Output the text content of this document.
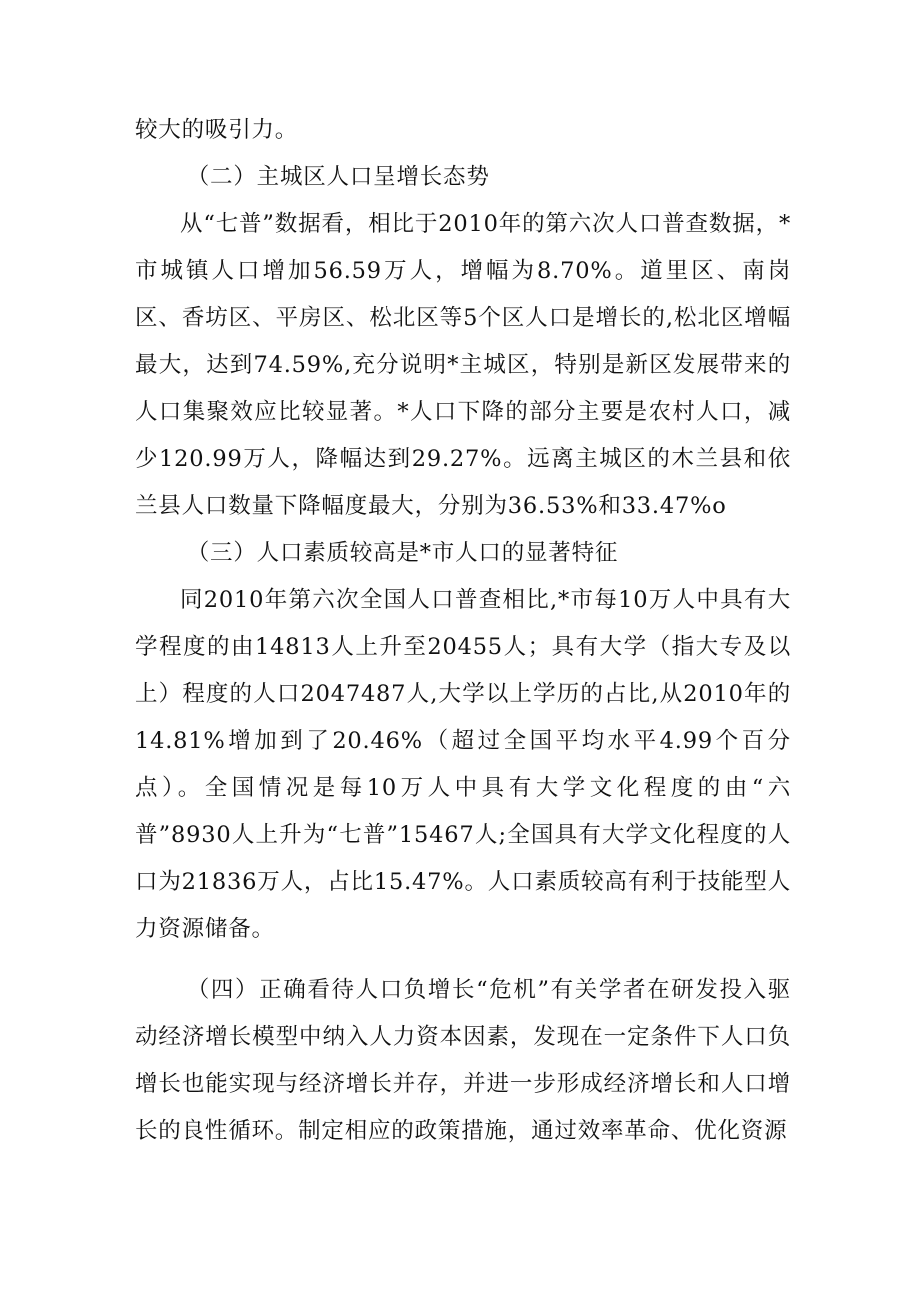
较大的吸引力。

（二）主城区人口呈增长态势

从“七普”数据看，相比于2010年的第六次人口普查数据，*市城镇人口增加56.59万人，增幅为8.70%。道里区、南岗区、香坊区、平房区、松北区等5个区人口是增长的,松北区增幅最大，达到74.59%,充分说明*主城区，特别是新区发展带来的人口集聚效应比较显著。*人口下降的部分主要是农村人口，减少120.99万人，降幅达到29.27%。远离主城区的木兰县和依兰县人口数量下降幅度最大，分别为36.53%和33.47%o

（三）人口素质较高是*市人口的显著特征

同2010年第六次全国人口普查相比,*市每10万人中具有大学程度的由14813人上升至20455人；具有大学（指大专及以上）程度的人口2047487人,大学以上学历的占比,从2010年的14.81%增加到了20.46%（超过全国平均水平4.99个百分点）。全国情况是每10万人中具有大学文化程度的由“六普”8930人上升为“七普”15467人;全国具有大学文化程度的人口为21836万人，占比15.47%。人口素质较高有利于技能型人力资源储备。

（四）正确看待人口负增长“危机”有关学者在研发投入驱动经济增长模型中纳入人力资本因素，发现在一定条件下人口负增长也能实现与经济增长并存，并进一步形成经济增长和人口增长的良性循环。制定相应的政策措施，通过效率革命、优化资源
